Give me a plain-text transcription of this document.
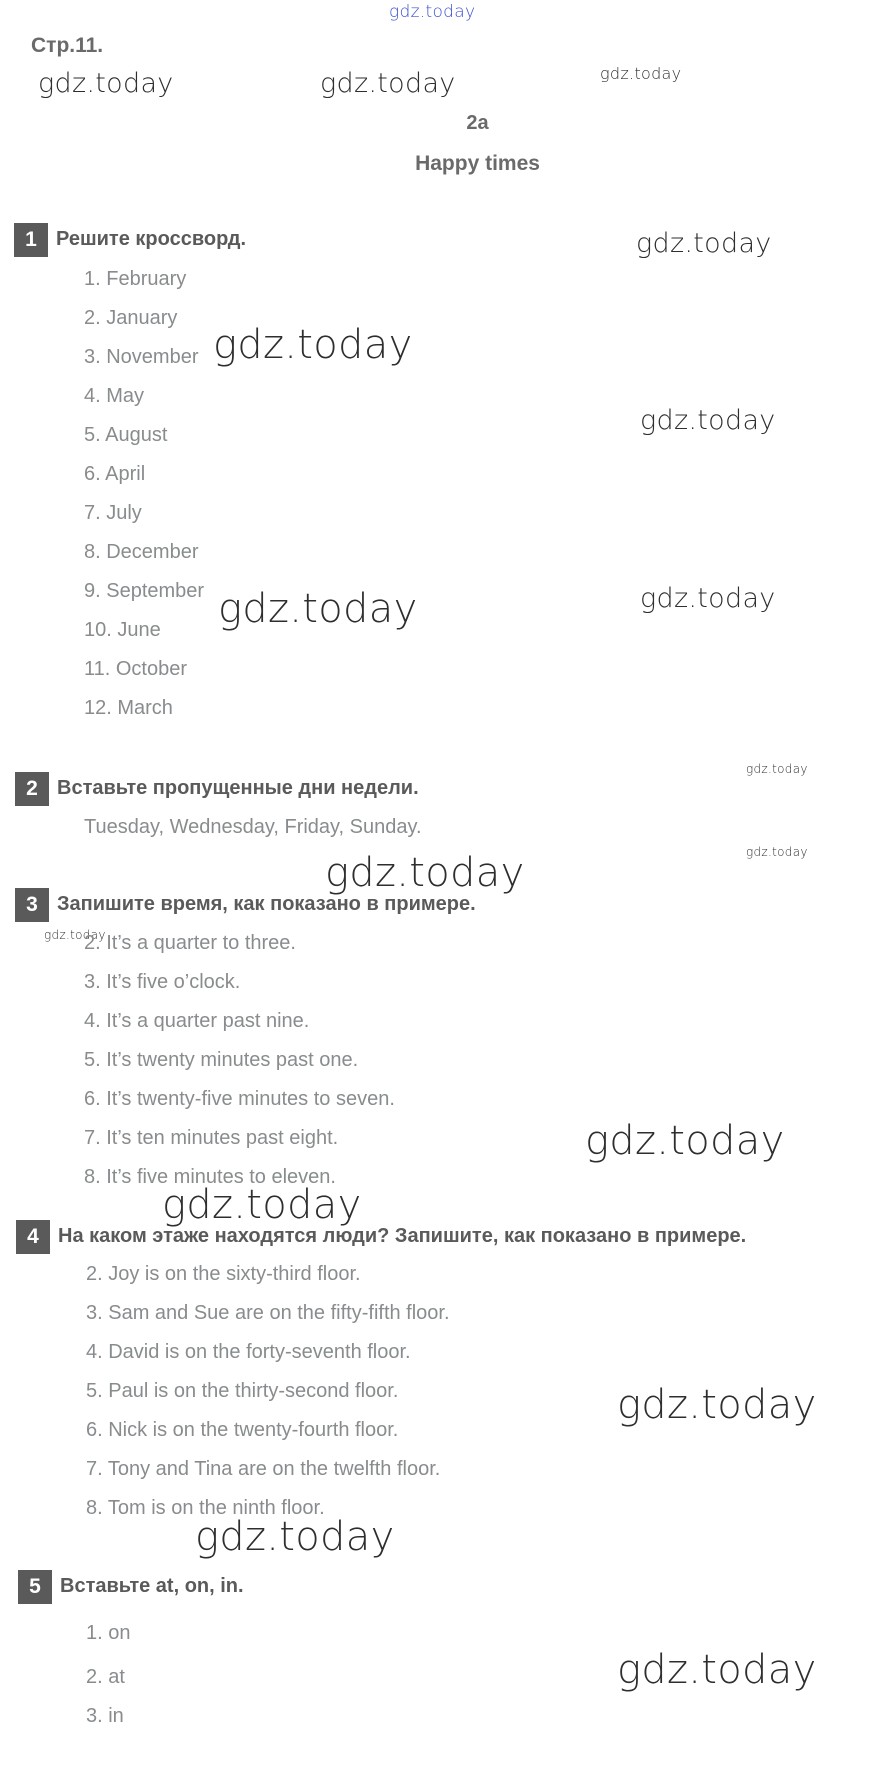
gdz.today
Стр.11.
gdz.today	gdz.today	gdz.today
2a
Happy times
1 Решите кроссворд.
1. February
2. January
3. November
4. May
5. August
6. April
7. July
8. December
9. September
10. June
11. October
12. March
gdz.today
gdz.today
gdz.today
gdz.today	gdz.today
gdz.today
2 Вставьте пропущенные дни недели.
Tuesday, Wednesday, Friday, Sunday.
gdz.today
gdz.today
3 Запишите время, как показано в примере.
gdz.today
2. It’s a quarter to three.
3. It’s five o’clock.
4. It’s a quarter past nine.
5. It’s twenty minutes past one.
6. It’s twenty-five minutes to seven.
7. It’s ten minutes past eight.
8. It’s five minutes to eleven.
gdz.today
gdz.today
4 На каком этаже находятся люди? Запишите, как показано в примере.
2. Joy is on the sixty-third floor.
3. Sam and Sue are on the fifty-fifth floor.
4. David is on the forty-seventh floor.
5. Paul is on the thirty-second floor.
6. Nick is on the twenty-fourth floor.
7. Tony and Tina are on the twelfth floor.
8. Tom is on the ninth floor.
gdz.today
gdz.today
5 Вставьте at, on, in.
1. on
2. at
3. in
gdz.today
